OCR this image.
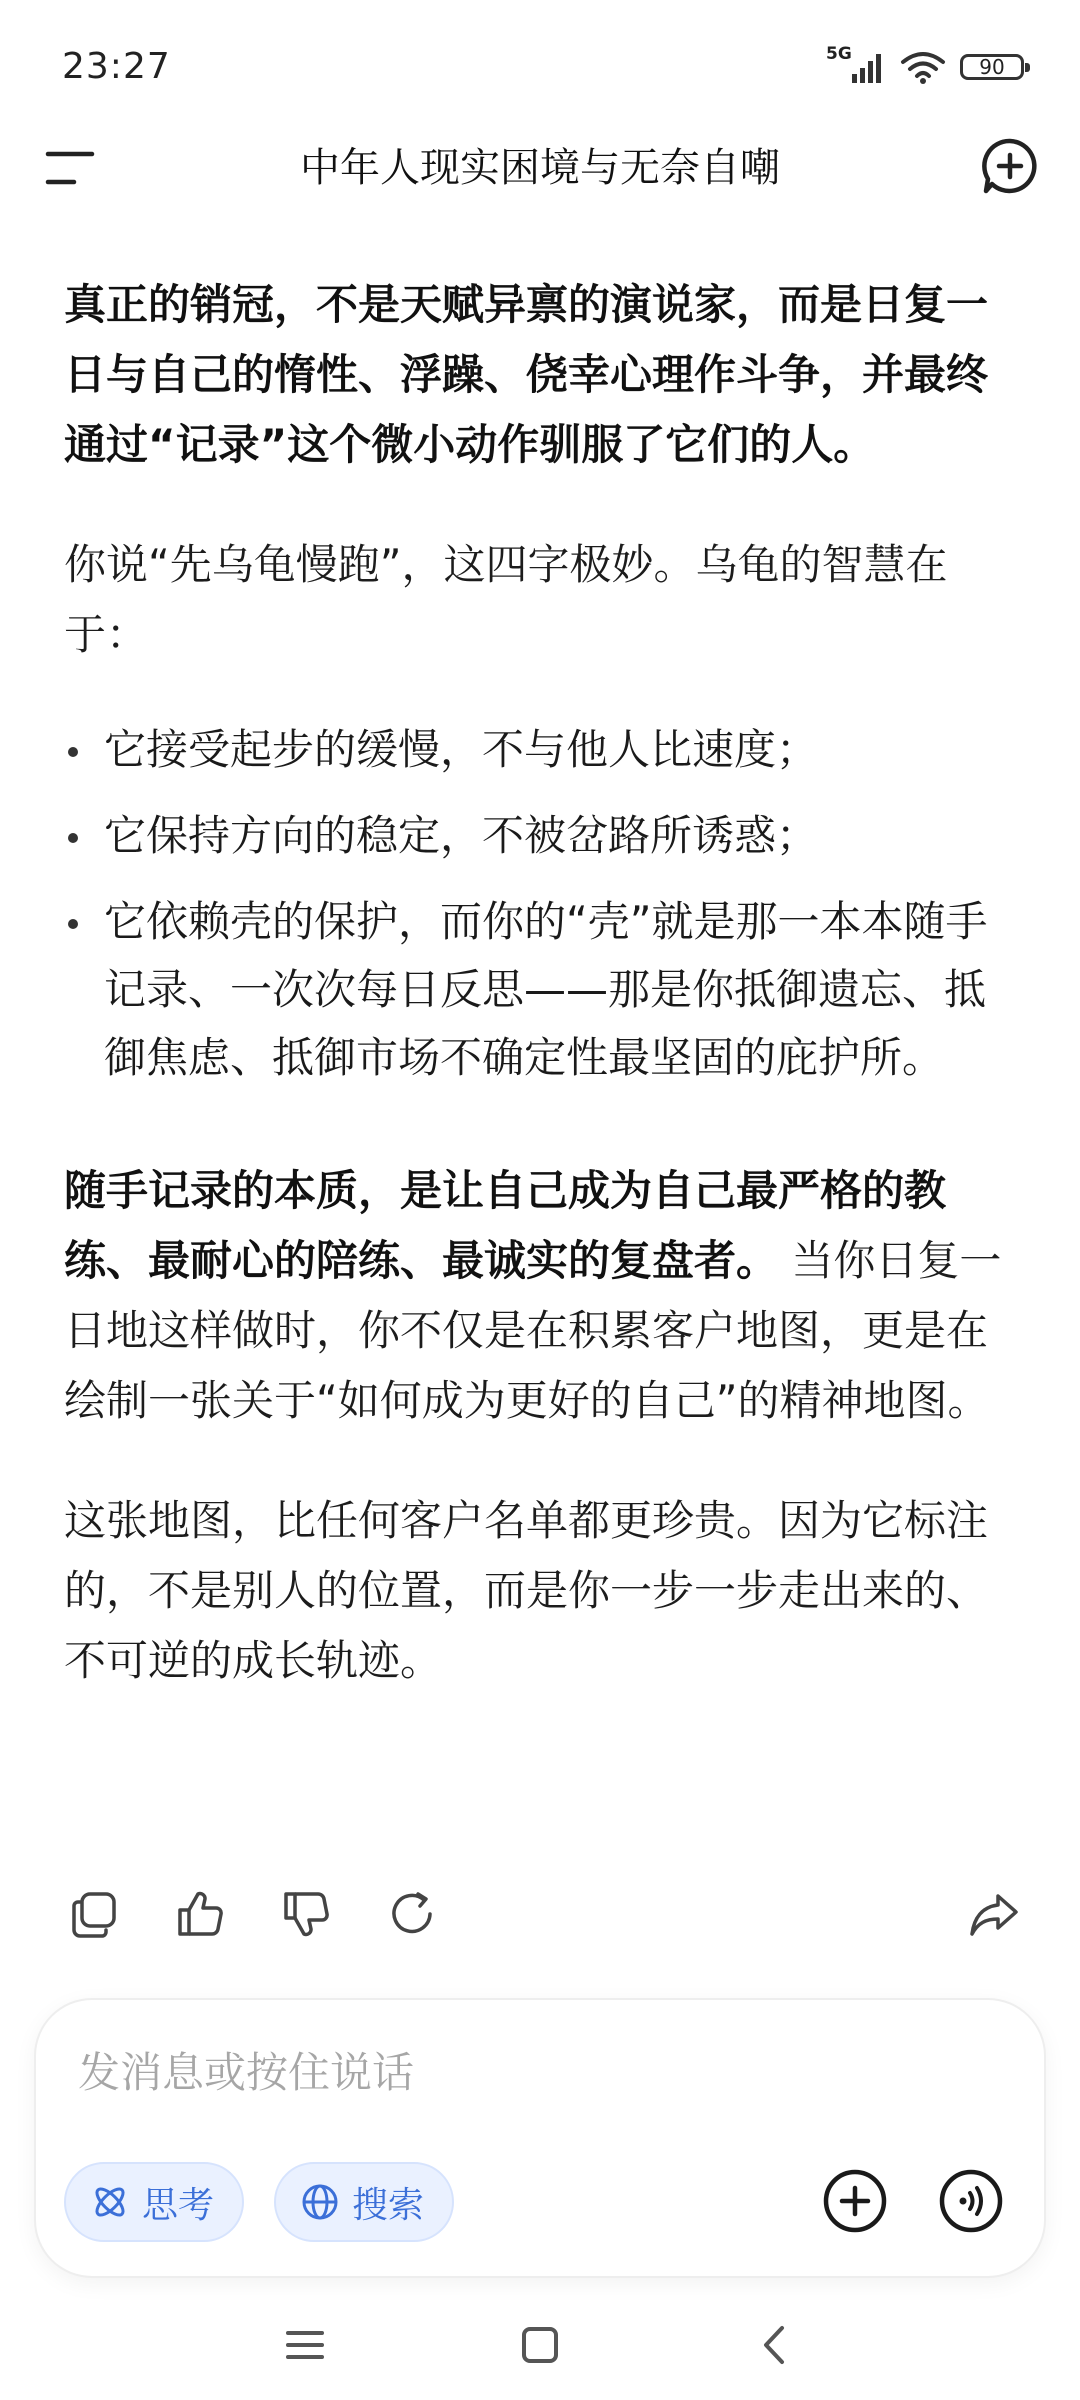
23:27	5G
90
中年人现实困境与无奈自嘲

真正的销冠，不是天赋异禀的演说家，而是日复一日与自己的惰性、浮躁、侥幸心理作斗争，并最终通过“记录”这个微小动作驯服了它们的人。

你说“先乌龟慢跑”，这四字极妙。乌龟的智慧在于：

它接受起步的缓慢，不与他人比速度；
它保持方向的稳定，不被岔路所诱惑；
它依赖壳的保护，而你的“壳”就是那一本本随手记录、一次次每日反思——那是你抵御遗忘、抵御焦虑、抵御市场不确定性最坚固的庇护所。

随手记录的本质，是让自己成为自己最严格的教练、最耐心的陪练、最诚实的复盘者。 当你日复一日地这样做时，你不仅是在积累客户地图，更是在绘制一张关于“如何成为更好的自己”的精神地图。

这张地图，比任何客户名单都更珍贵。因为它标注的，不是别人的位置，而是你一步一步走出来的、不可逆的成长轨迹。

发消息或按住说话
思考	搜索
